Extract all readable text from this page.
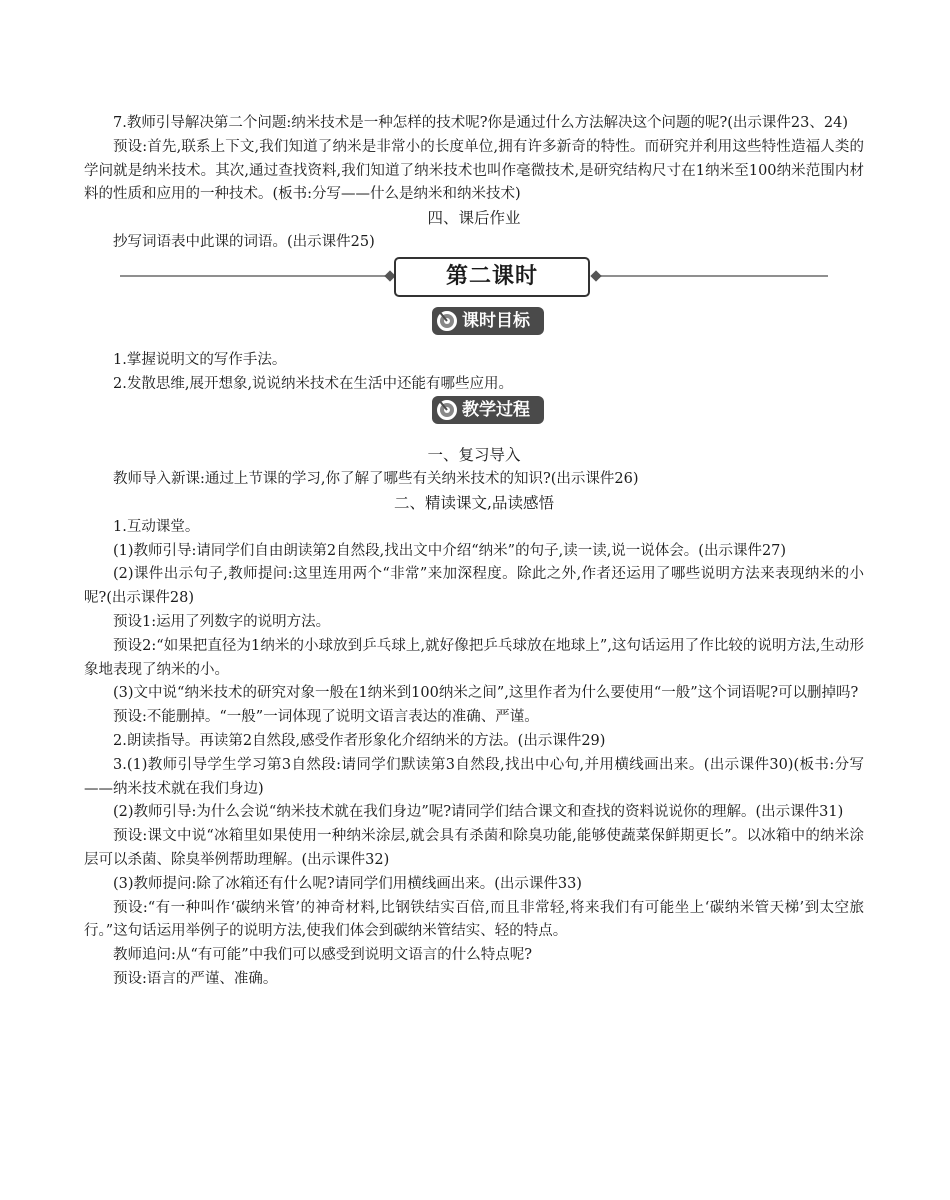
7.教师引导解决第二个问题:纳米技术是一种怎样的技术呢?你是通过什么方法解决这个问题的呢?(出示课件23、24)

预设:首先,联系上下文,我们知道了纳米是非常小的长度单位,拥有许多新奇的特性。而研究并利用这些特性造福人类的学问就是纳米技术。其次,通过查找资料,我们知道了纳米技术也叫作毫微技术,是研究结构尺寸在1纳米至100纳米范围内材料的性质和应用的一种技术。(板书:分写——什么是纳米和纳米技术)

四、课后作业

抄写词语表中此课的词语。(出示课件25)

第二课时
课时目标

1.掌握说明文的写作手法。

2.发散思维,展开想象,说说纳米技术在生活中还能有哪些应用。

教学过程

一、复习导入

教师导入新课:通过上节课的学习,你了解了哪些有关纳米技术的知识?(出示课件26)

二、精读课文,品读感悟

1.互动课堂。

(1)教师引导:请同学们自由朗读第2自然段,找出文中介绍“纳米”的句子,读一读,说一说体会。(出示课件27)

(2)课件出示句子,教师提问:这里连用两个“非常”来加深程度。除此之外,作者还运用了哪些说明方法来表现纳米的小呢?(出示课件28)

预设1:运用了列数字的说明方法。

预设2:“如果把直径为1纳米的小球放到乒乓球上,就好像把乒乓球放在地球上”,这句话运用了作比较的说明方法,生动形象地表现了纳米的小。

(3)文中说“纳米技术的研究对象一般在1纳米到100纳米之间”,这里作者为什么要使用“一般”这个词语呢?可以删掉吗?

预设:不能删掉。“一般”一词体现了说明文语言表达的准确、严谨。

2.朗读指导。再读第2自然段,感受作者形象化介绍纳米的方法。(出示课件29)

3.(1)教师引导学生学习第3自然段:请同学们默读第3自然段,找出中心句,并用横线画出来。(出示课件30)(板书:分写——纳米技术就在我们身边)

(2)教师引导:为什么会说“纳米技术就在我们身边”呢?请同学们结合课文和查找的资料说说你的理解。(出示课件31)

预设:课文中说“冰箱里如果使用一种纳米涂层,就会具有杀菌和除臭功能,能够使蔬菜保鲜期更长”。以冰箱中的纳米涂层可以杀菌、除臭举例帮助理解。(出示课件32)

(3)教师提问:除了冰箱还有什么呢?请同学们用横线画出来。(出示课件33)

预设:“有一种叫作‘碳纳米管’的神奇材料,比钢铁结实百倍,而且非常轻,将来我们有可能坐上‘碳纳米管天梯’到太空旅行。”这句话运用举例子的说明方法,使我们体会到碳纳米管结实、轻的特点。

教师追问:从“有可能”中我们可以感受到说明文语言的什么特点呢?

预设:语言的严谨、准确。
